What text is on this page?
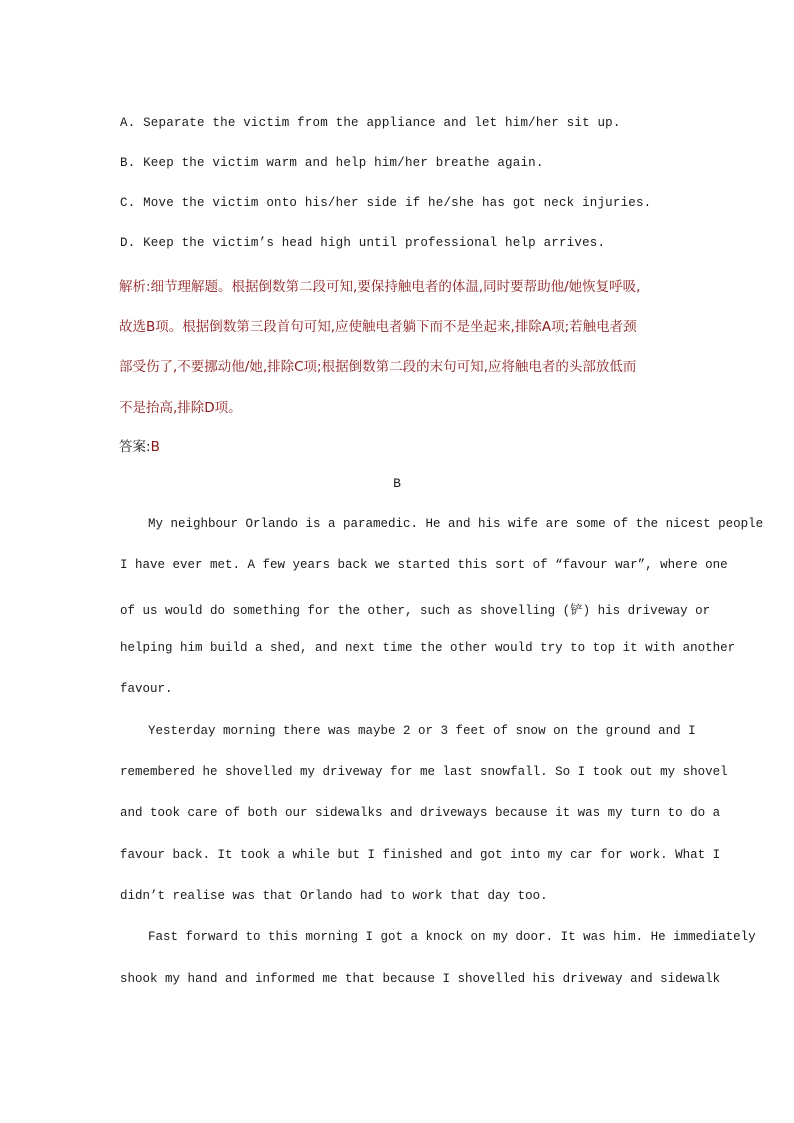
A. Separate the victim from the appliance and let him/her sit up.
B. Keep the victim warm and help him/her breathe again.
C. Move the victim onto his/her side if he/she has got neck injuries.
D. Keep the victim’s head high until professional help arrives.
解析:细节理解题。根据倒数第二段可知,要保持触电者的体温,同时要帮助他/她恢复呼吸,
故选B项。根据倒数第三段首句可知,应使触电者躺下而不是坐起来,排除A项;若触电者颈
部受伤了,不要挪动他/她,排除C项;根据倒数第二段的末句可知,应将触电者的头部放低而
不是抬高,排除D项。
答案:B
B
My neighbour Orlando is a paramedic. He and his wife are some of the nicest people
I have ever met. A few years back we started this sort of “favour war”, where one
of us would do something for the other, such as shovelling (铲) his driveway or
helping him build a shed, and next time the other would try to top it with another
favour.
Yesterday morning there was maybe 2 or 3 feet of snow on the ground and I
remembered he shovelled my driveway for me last snowfall. So I took out my shovel
and took care of both our sidewalks and driveways because it was my turn to do a
favour back. It took a while but I finished and got into my car for work. What I
didn’t realise was that Orlando had to work that day too.
Fast forward to this morning I got a knock on my door. It was him. He immediately
shook my hand and informed me that because I shovelled his driveway and sidewalk
